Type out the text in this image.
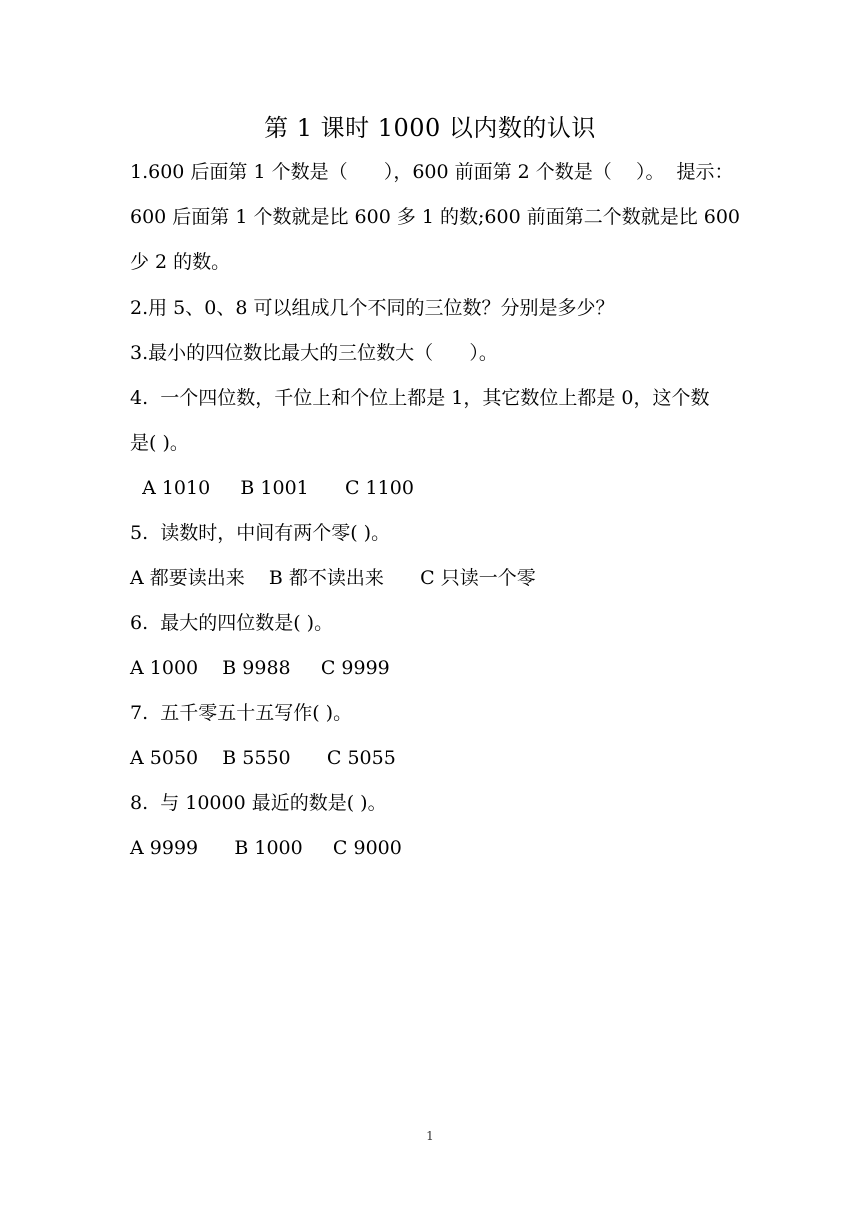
第 1 课时 1000 以内数的认识
1.600 后面第 1 个数是（      ），600 前面第 2 个数是（    ）。  提示：
600 后面第 1 个数就是比 600 多 1 的数;600 前面第二个数就是比 600
少 2 的数。
2.用 5、0、8 可以组成几个不同的三位数？分别是多少？
3.最小的四位数比最大的三位数大（      ）。
4.  一个四位数，千位上和个位上都是 1，其它数位上都是 0，这个数
是( )。
A 1010     B 1001      C 1100
5.  读数时，中间有两个零( )。
A 都要读出来    B 都不读出来      C 只读一个零
6.  最大的四位数是( )。
A 1000    B 9988     C 9999
7.  五千零五十五写作( )。
A 5050    B 5550      C 5055
8.  与 10000 最近的数是( )。
A 9999      B 1000     C 9000
1
